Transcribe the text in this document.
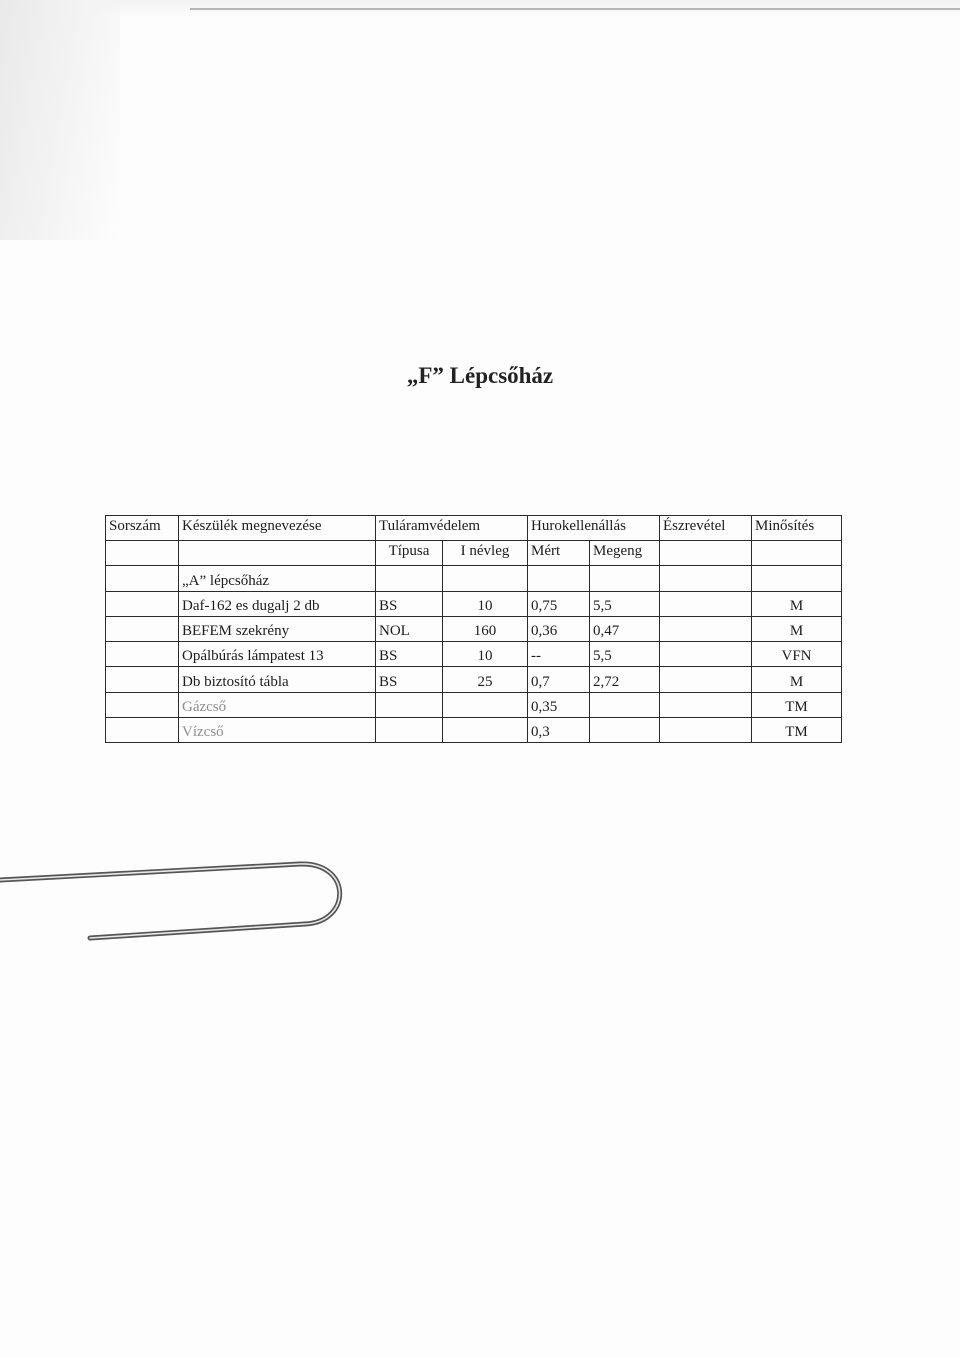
„F” Lépcsőház
Sorszám	Készülék megnevezése	Tuláramvédelem		Hurokellenállás		Észrevétel	Minősítés
		Típusa	I névleg	Mért	Megeng		
	„A” lépcsőház						
	Daf-162 es dugalj 2 db	BS	10	0,75	5,5		M
	BEFEM szekrény	NOL	160	0,36	0,47		M
	Opálbúrás lámpatest 13	BS	10	--	5,5		VFN
	Db biztosító tábla	BS	25	0,7	2,72		M
	Gázcső			0,35			TM
	Vízcső			0,3			TM
